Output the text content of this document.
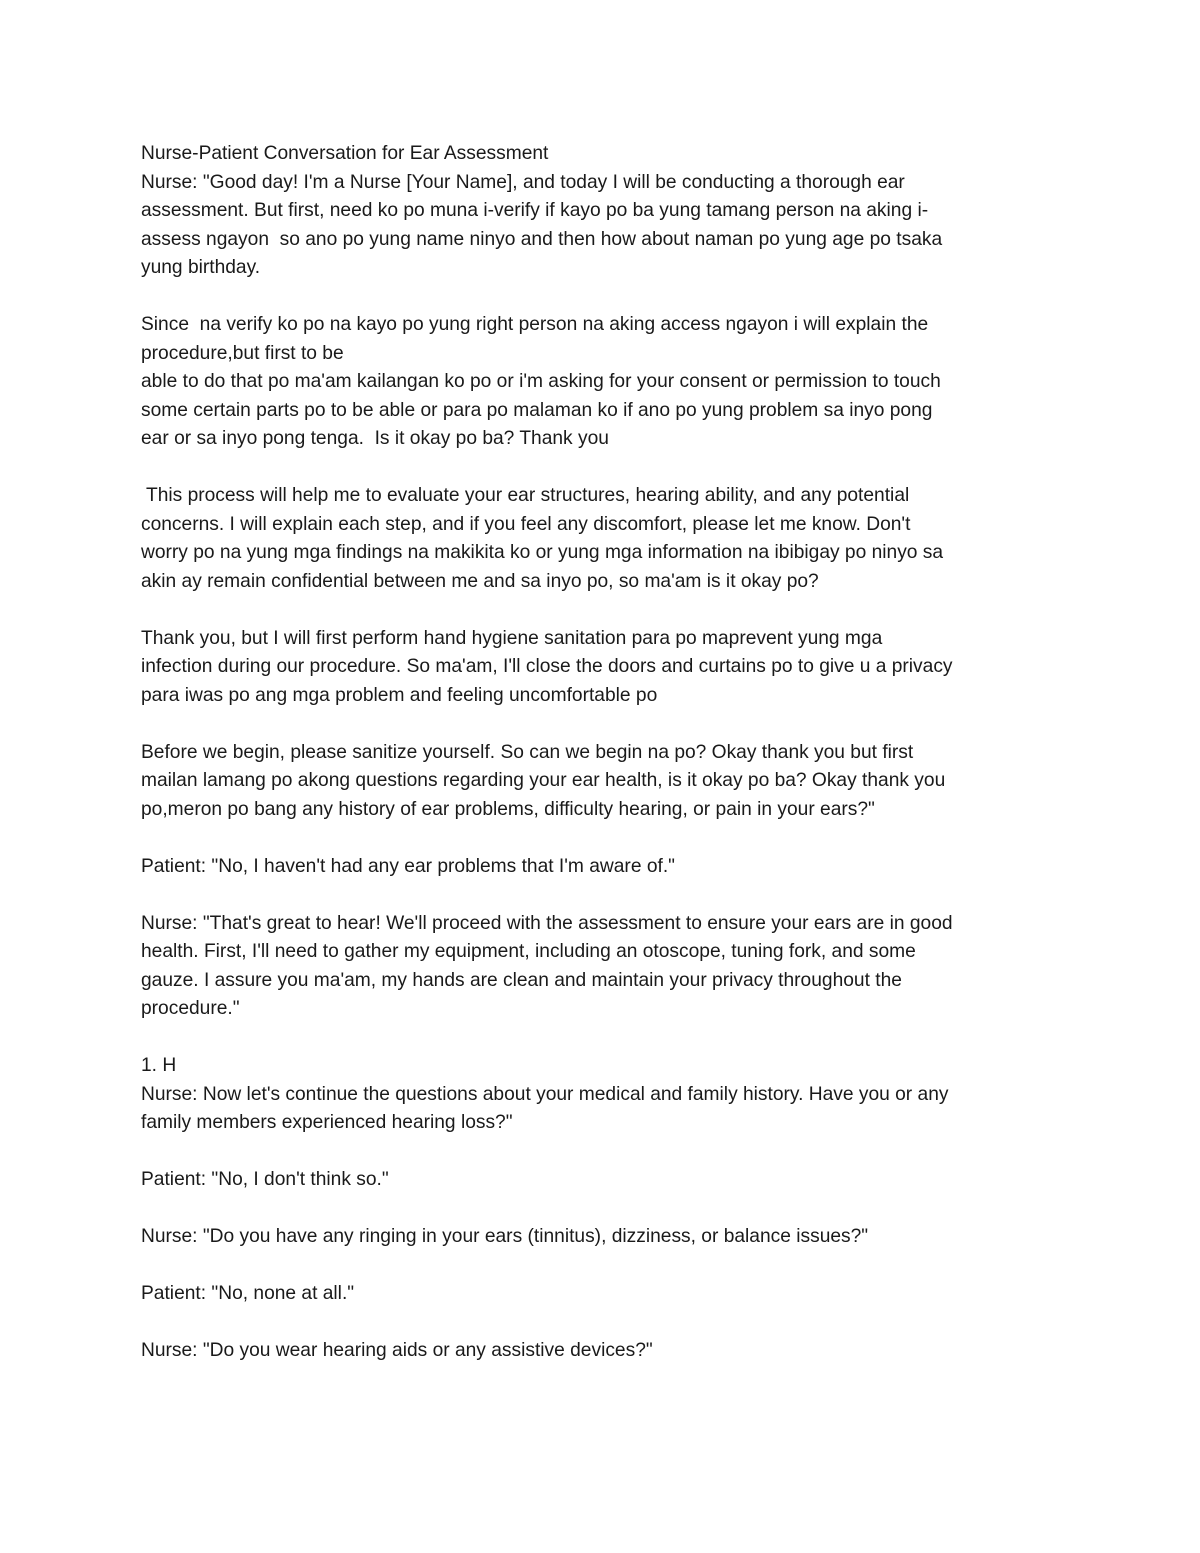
Nurse-Patient Conversation for Ear Assessment
Nurse: "Good day! I'm a Nurse [Your Name], and today I will be conducting a thorough ear
assessment. But first, need ko po muna i-verify if kayo po ba yung tamang person na aking i-
assess ngayon  so ano po yung name ninyo and then how about naman po yung age po tsaka
yung birthday.
Since  na verify ko po na kayo po yung right person na aking access ngayon i will explain the
procedure,but first to be
able to do that po ma'am kailangan ko po or i'm asking for your consent or permission to touch
some certain parts po to be able or para po malaman ko if ano po yung problem sa inyo pong
ear or sa inyo pong tenga.  Is it okay po ba? Thank you
This process will help me to evaluate your ear structures, hearing ability, and any potential
concerns. I will explain each step, and if you feel any discomfort, please let me know. Don't
worry po na yung mga findings na makikita ko or yung mga information na ibibigay po ninyo sa
akin ay remain confidential between me and sa inyo po, so ma'am is it okay po?
Thank you, but I will first perform hand hygiene sanitation para po maprevent yung mga
infection during our procedure. So ma'am, I'll close the doors and curtains po to give u a privacy
para iwas po ang mga problem and feeling uncomfortable po
Before we begin, please sanitize yourself. So can we begin na po? Okay thank you but first
mailan lamang po akong questions regarding your ear health, is it okay po ba? Okay thank you
po,meron po bang any history of ear problems, difficulty hearing, or pain in your ears?"
Patient: "No, I haven't had any ear problems that I'm aware of."
Nurse: "That's great to hear! We'll proceed with the assessment to ensure your ears are in good
health. First, I'll need to gather my equipment, including an otoscope, tuning fork, and some
gauze. I assure you ma'am, my hands are clean and maintain your privacy throughout the
procedure."
1. H
Nurse: Now let's continue the questions about your medical and family history. Have you or any
family members experienced hearing loss?"
Patient: "No, I don't think so."
Nurse: "Do you have any ringing in your ears (tinnitus), dizziness, or balance issues?"
Patient: "No, none at all."
Nurse: "Do you wear hearing aids or any assistive devices?"
